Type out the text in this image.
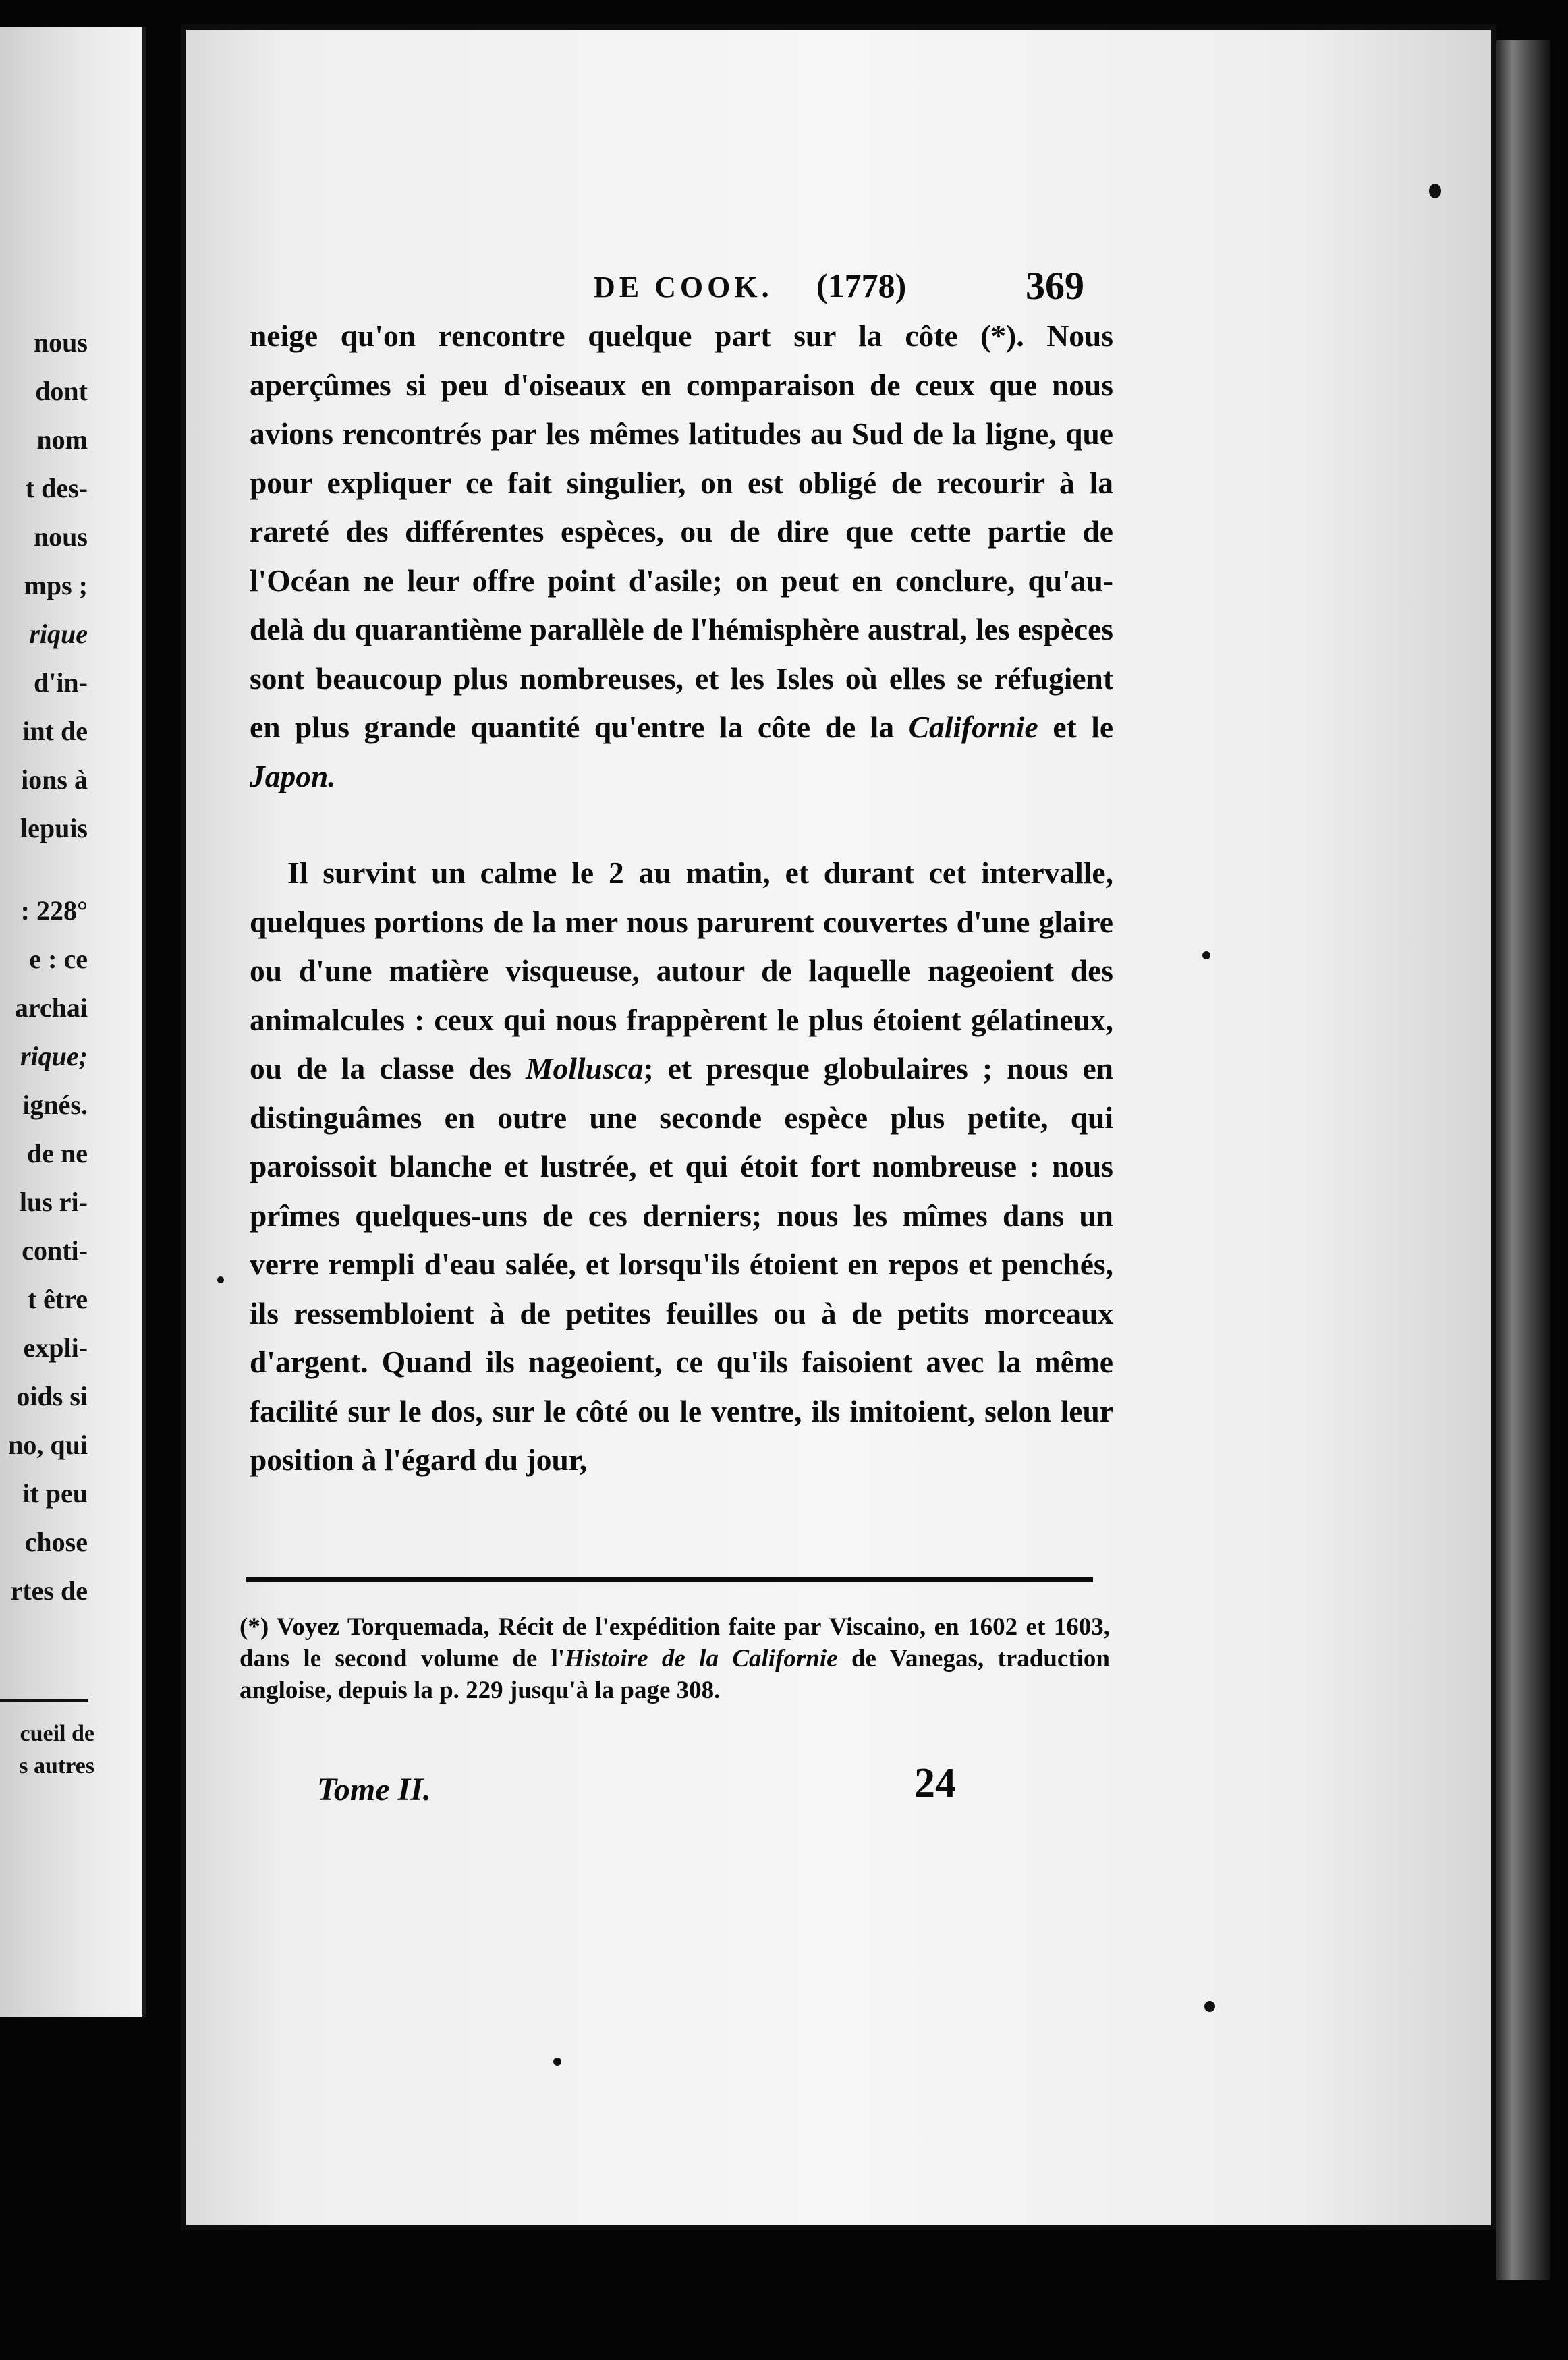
nous
dont
nom
t des-
nous
mps ;
rique
d'in-
int de
ions à
lepuis
: 228°
e : ce
archai
rique;
ignés.
de ne
lus ri-
conti-
t être
expli-
oids si
no, qui
it peu
chose
rtes de
cueil de
s autres
DE COOK. (1778)	369

neige qu'on rencontre quelque part sur la côte (*). Nous aperçûmes si peu d'oiseaux en comparaison de ceux que nous avions rencontrés par les mêmes latitudes au Sud de la ligne, que pour expliquer ce fait singulier, on est obligé de recourir à la rareté des différentes espèces, ou de dire que cette partie de l'Océan ne leur offre point d'asile; on peut en conclure, qu'au-delà du quarantième parallèle de l'hémisphère austral, les espèces sont beaucoup plus nombreuses, et les Isles où elles se réfugient en plus grande quantité qu'entre la côte de la Californie et le Japon.

Il survint un calme le 2 au matin, et durant cet intervalle, quelques portions de la mer nous parurent couvertes d'une glaire ou d'une matière visqueuse, autour de laquelle nageoient des animalcules : ceux qui nous frappèrent le plus étoient gélatineux, ou de la classe des Mollusca; et presque globulaires ; nous en distinguâmes en outre une seconde espèce plus petite, qui paroissoit blanche et lustrée, et qui étoit fort nombreuse : nous prîmes quelques-uns de ces derniers; nous les mîmes dans un verre rempli d'eau salée, et lorsqu'ils étoient en repos et penchés, ils ressembloient à de petites feuilles ou à de petits morceaux d'argent. Quand ils nageoient, ce qu'ils faisoient avec la même facilité sur le dos, sur le côté ou le ventre, ils imitoient, selon leur position à l'égard du jour,

(*) Voyez Torquemada, Récit de l'expédition faite par Viscaino, en 1602 et 1603, dans le second volume de l'Histoire de la Californie de Vanegas, traduction angloise, depuis la p. 229 jusqu'à la page 308.
Tome II.	24
